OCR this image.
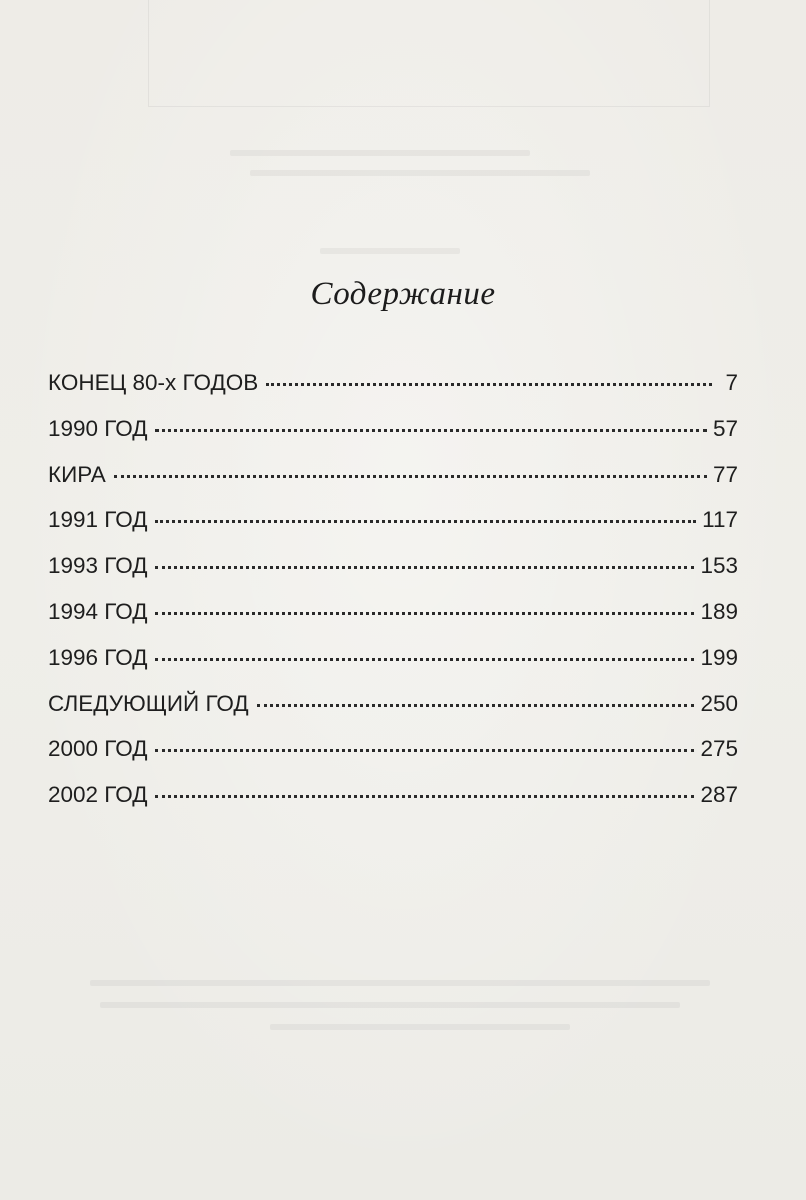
Содержание
КОНЕЦ 80-х ГОДОВ	7
1990 ГОД	57
КИРА	77
1991 ГОД	117
1993 ГОД	153
1994 ГОД	189
1996 ГОД	199
СЛЕДУЮЩИЙ ГОД	250
2000 ГОД	275
2002 ГОД	287
